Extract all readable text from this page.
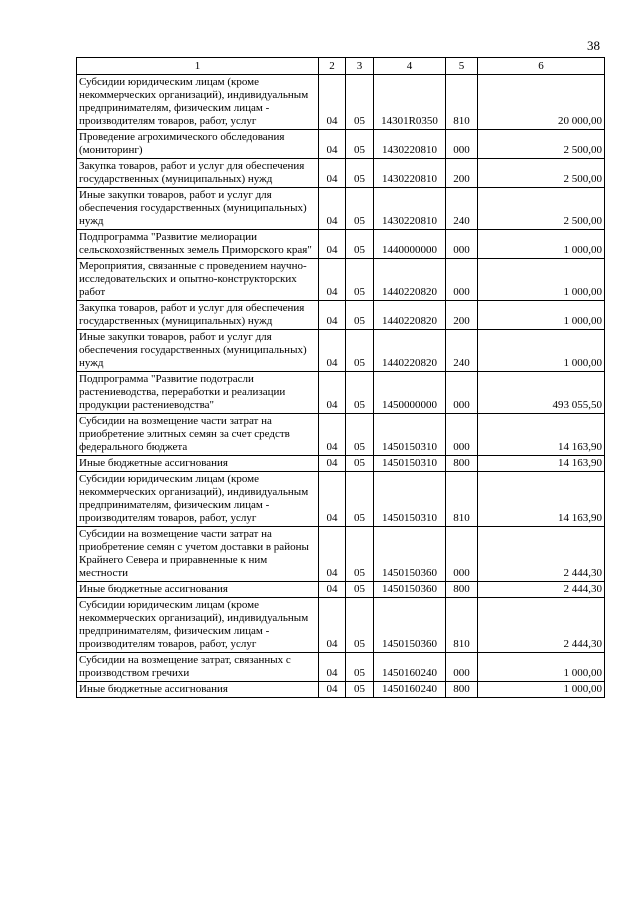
38
1	2	3	4	5	6
Субсидии юридическим лицам (кроме некоммерческих организаций), индивидуальным предпринимателям, физическим лицам - производителям товаров, работ, услуг	04	05	14301R0350	810	20 000,00
Проведение агрохимического обследования (мониторинг)	04	05	1430220810	000	2 500,00
Закупка товаров, работ и услуг для обеспечения государственных (муниципальных) нужд	04	05	1430220810	200	2 500,00
Иные закупки товаров, работ и услуг для обеспечения государственных (муниципальных) нужд	04	05	1430220810	240	2 500,00
Подпрограмма "Развитие мелиорации сельскохозяйственных земель Приморского края"	04	05	1440000000	000	1 000,00
Мероприятия, связанные с проведением научно-исследовательских и опытно-конструкторских работ	04	05	1440220820	000	1 000,00
Закупка товаров, работ и услуг для обеспечения государственных (муниципальных) нужд	04	05	1440220820	200	1 000,00
Иные закупки товаров, работ и услуг для обеспечения государственных (муниципальных) нужд	04	05	1440220820	240	1 000,00
Подпрограмма "Развитие подотрасли растениеводства, переработки и реализации продукции растениеводства"	04	05	1450000000	000	493 055,50
Субсидии на возмещение части затрат на приобретение элитных семян за счет средств федерального бюджета	04	05	1450150310	000	14 163,90
Иные бюджетные ассигнования	04	05	1450150310	800	14 163,90
Субсидии юридическим лицам (кроме некоммерческих организаций), индивидуальным предпринимателям, физическим лицам - производителям товаров, работ, услуг	04	05	1450150310	810	14 163,90
Субсидии на возмещение части затрат на приобретение семян с учетом доставки в районы Крайнего Севера и приравненные к ним местности	04	05	1450150360	000	2 444,30
Иные бюджетные ассигнования	04	05	1450150360	800	2 444,30
Субсидии юридическим лицам (кроме некоммерческих организаций), индивидуальным предпринимателям, физическим лицам - производителям товаров, работ, услуг	04	05	1450150360	810	2 444,30
Субсидии на возмещение затрат, связанных с производством гречихи	04	05	1450160240	000	1 000,00
Иные бюджетные ассигнования	04	05	1450160240	800	1 000,00
